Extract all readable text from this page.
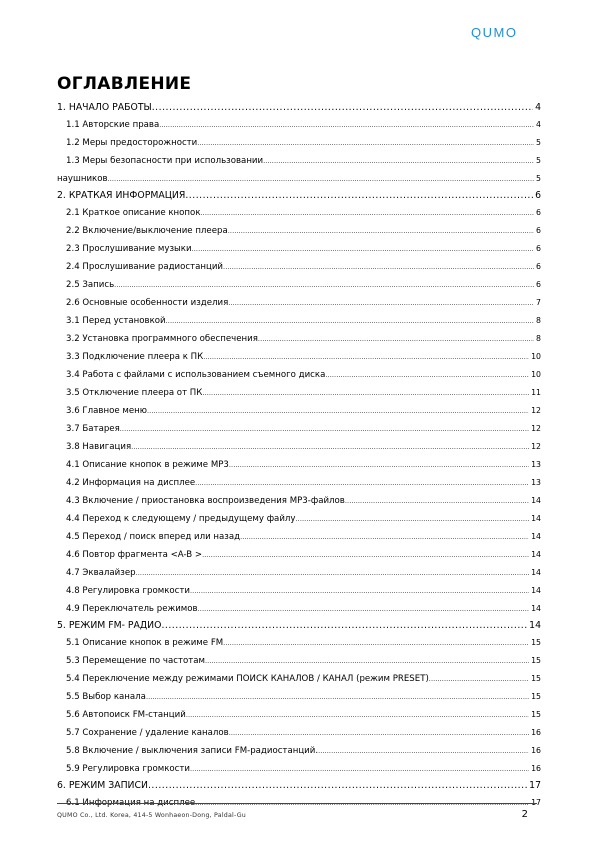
QUMO
ОГЛАВЛЕНИЕ
1. НАЧАЛО РАБОТЫ .....	4
1.1 Авторские права .....	4
1.2 Меры предосторожности .....	5
1.3 Меры безопасности при использовании .....	5
наушников .....	5
2. КРАТКАЯ ИНФОРМАЦИЯ .....	6
2.1 Краткое описание кнопок .....	6
2.2 Включение/выключение плеера .....	6
2.3 Прослушивание музыки .....	6
2.4 Прослушивание радиостанций .....	6
2.5 Запись .....	6
2.6 Основные особенности изделия .....	7
3.1 Перед установкой .....	8
3.2 Установка программного обеспечения .....	8
3.3 Подключение плеера к ПК .....	10
3.4 Работа с файлами с использованием съемного диска .....	10
3.5 Отключение плеера от ПК .....	11
3.6 Главное меню .....	12
3.7 Батарея .....	12
3.8 Навигация .....	12
4.1 Описание кнопок в режиме MP3 .....	13
4.2 Информация на дисплее .....	13
4.3 Включение / приостановка воспроизведения MP3-файлов .....	14
4.4 Переход к следующему / предыдущему файлу .....	14
4.5 Переход / поиск вперед или назад .....	14
4.6 Повтор фрагмента <A-B > .....	14
4.7 Эквалайзер .....	14
4.8 Регулировка громкости .....	14
4.9 Переключатель режимов .....	14
5. РЕЖИМ FM- РАДИО .....	14
5.1 Описание кнопок в режиме FM .....	15
5.3 Перемещение по частотам .....	15
5.4 Переключение между режимами ПОИСК КАНАЛОВ / КАНАЛ (режим PRESET) .....	15
5.5 Выбор канала .....	15
5.6 Автопоиск FM-станций .....	15
5.7 Сохранение / удаление каналов .....	16
5.8 Включение / выключения записи FM-радиостанций. .....	16
5.9 Регулировка громкости .....	16
6. РЕЖИМ ЗАПИСИ .....	17
6.1 Информация на дисплее .....	17
QUMO Co., Ltd. Korea, 414-5 Wonhaeon-Dong, Paldal-Gu	2
